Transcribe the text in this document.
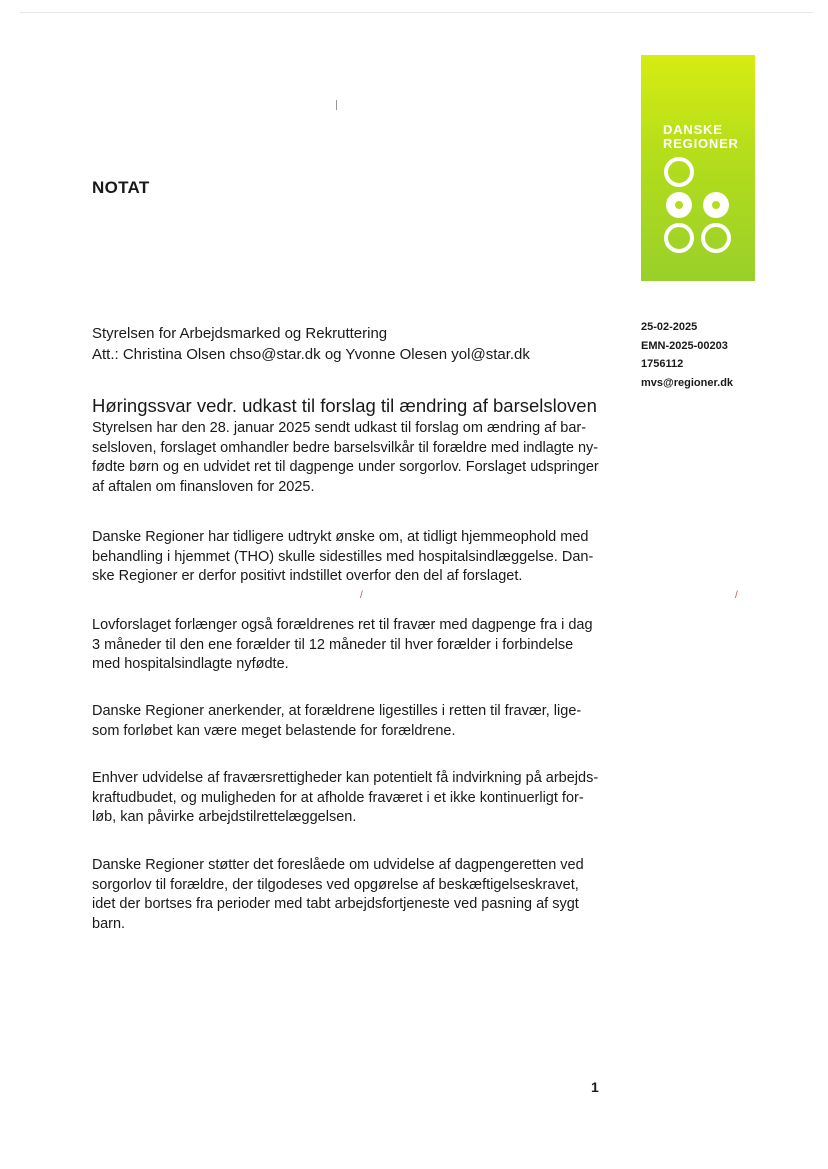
NOTAT
DANSKE
REGIONER
25-02-2025
EMN-2025-00203
1756112
mvs@regioner.dk
Styrelsen for Arbejdsmarked og Rekruttering
Att.: Christina Olsen chso@star.dk og Yvonne Olesen yol@star.dk
Høringssvar vedr. udkast til forslag til ændring af barselsloven
Styrelsen har den 28. januar 2025 sendt udkast til forslag om ændring af bar-
selsloven, forslaget omhandler bedre barselsvilkår til forældre med indlagte ny-
fødte børn og en udvidet ret til dagpenge under sorgorlov. Forslaget udspringer
af aftalen om finansloven for 2025.
Danske Regioner har tidligere udtrykt ønske om, at tidligt hjemmeophold med
behandling i hjemmet (THO) skulle sidestilles med hospitalsindlæggelse. Dan-
ske Regioner er derfor positivt indstillet overfor den del af forslaget.
/	/
Lovforslaget forlænger også forældrenes ret til fravær med dagpenge fra i dag
3 måneder til den ene forælder til 12 måneder til hver forælder i forbindelse
med hospitalsindlagte nyfødte.
Danske Regioner anerkender, at forældrene ligestilles i retten til fravær, lige-
som forløbet kan være meget belastende for forældrene.
Enhver udvidelse af fraværsrettigheder kan potentielt få indvirkning på arbejds-
kraftudbudet, og muligheden for at afholde fraværet i et ikke kontinuerligt for-
løb, kan påvirke arbejdstilrettelæggelsen.
Danske Regioner støtter det foreslåede om udvidelse af dagpengeretten ved
sorgorlov til forældre, der tilgodeses ved opgørelse af beskæftigelseskravet,
idet der bortses fra perioder med tabt arbejdsfortjeneste ved pasning af sygt
barn.
1
